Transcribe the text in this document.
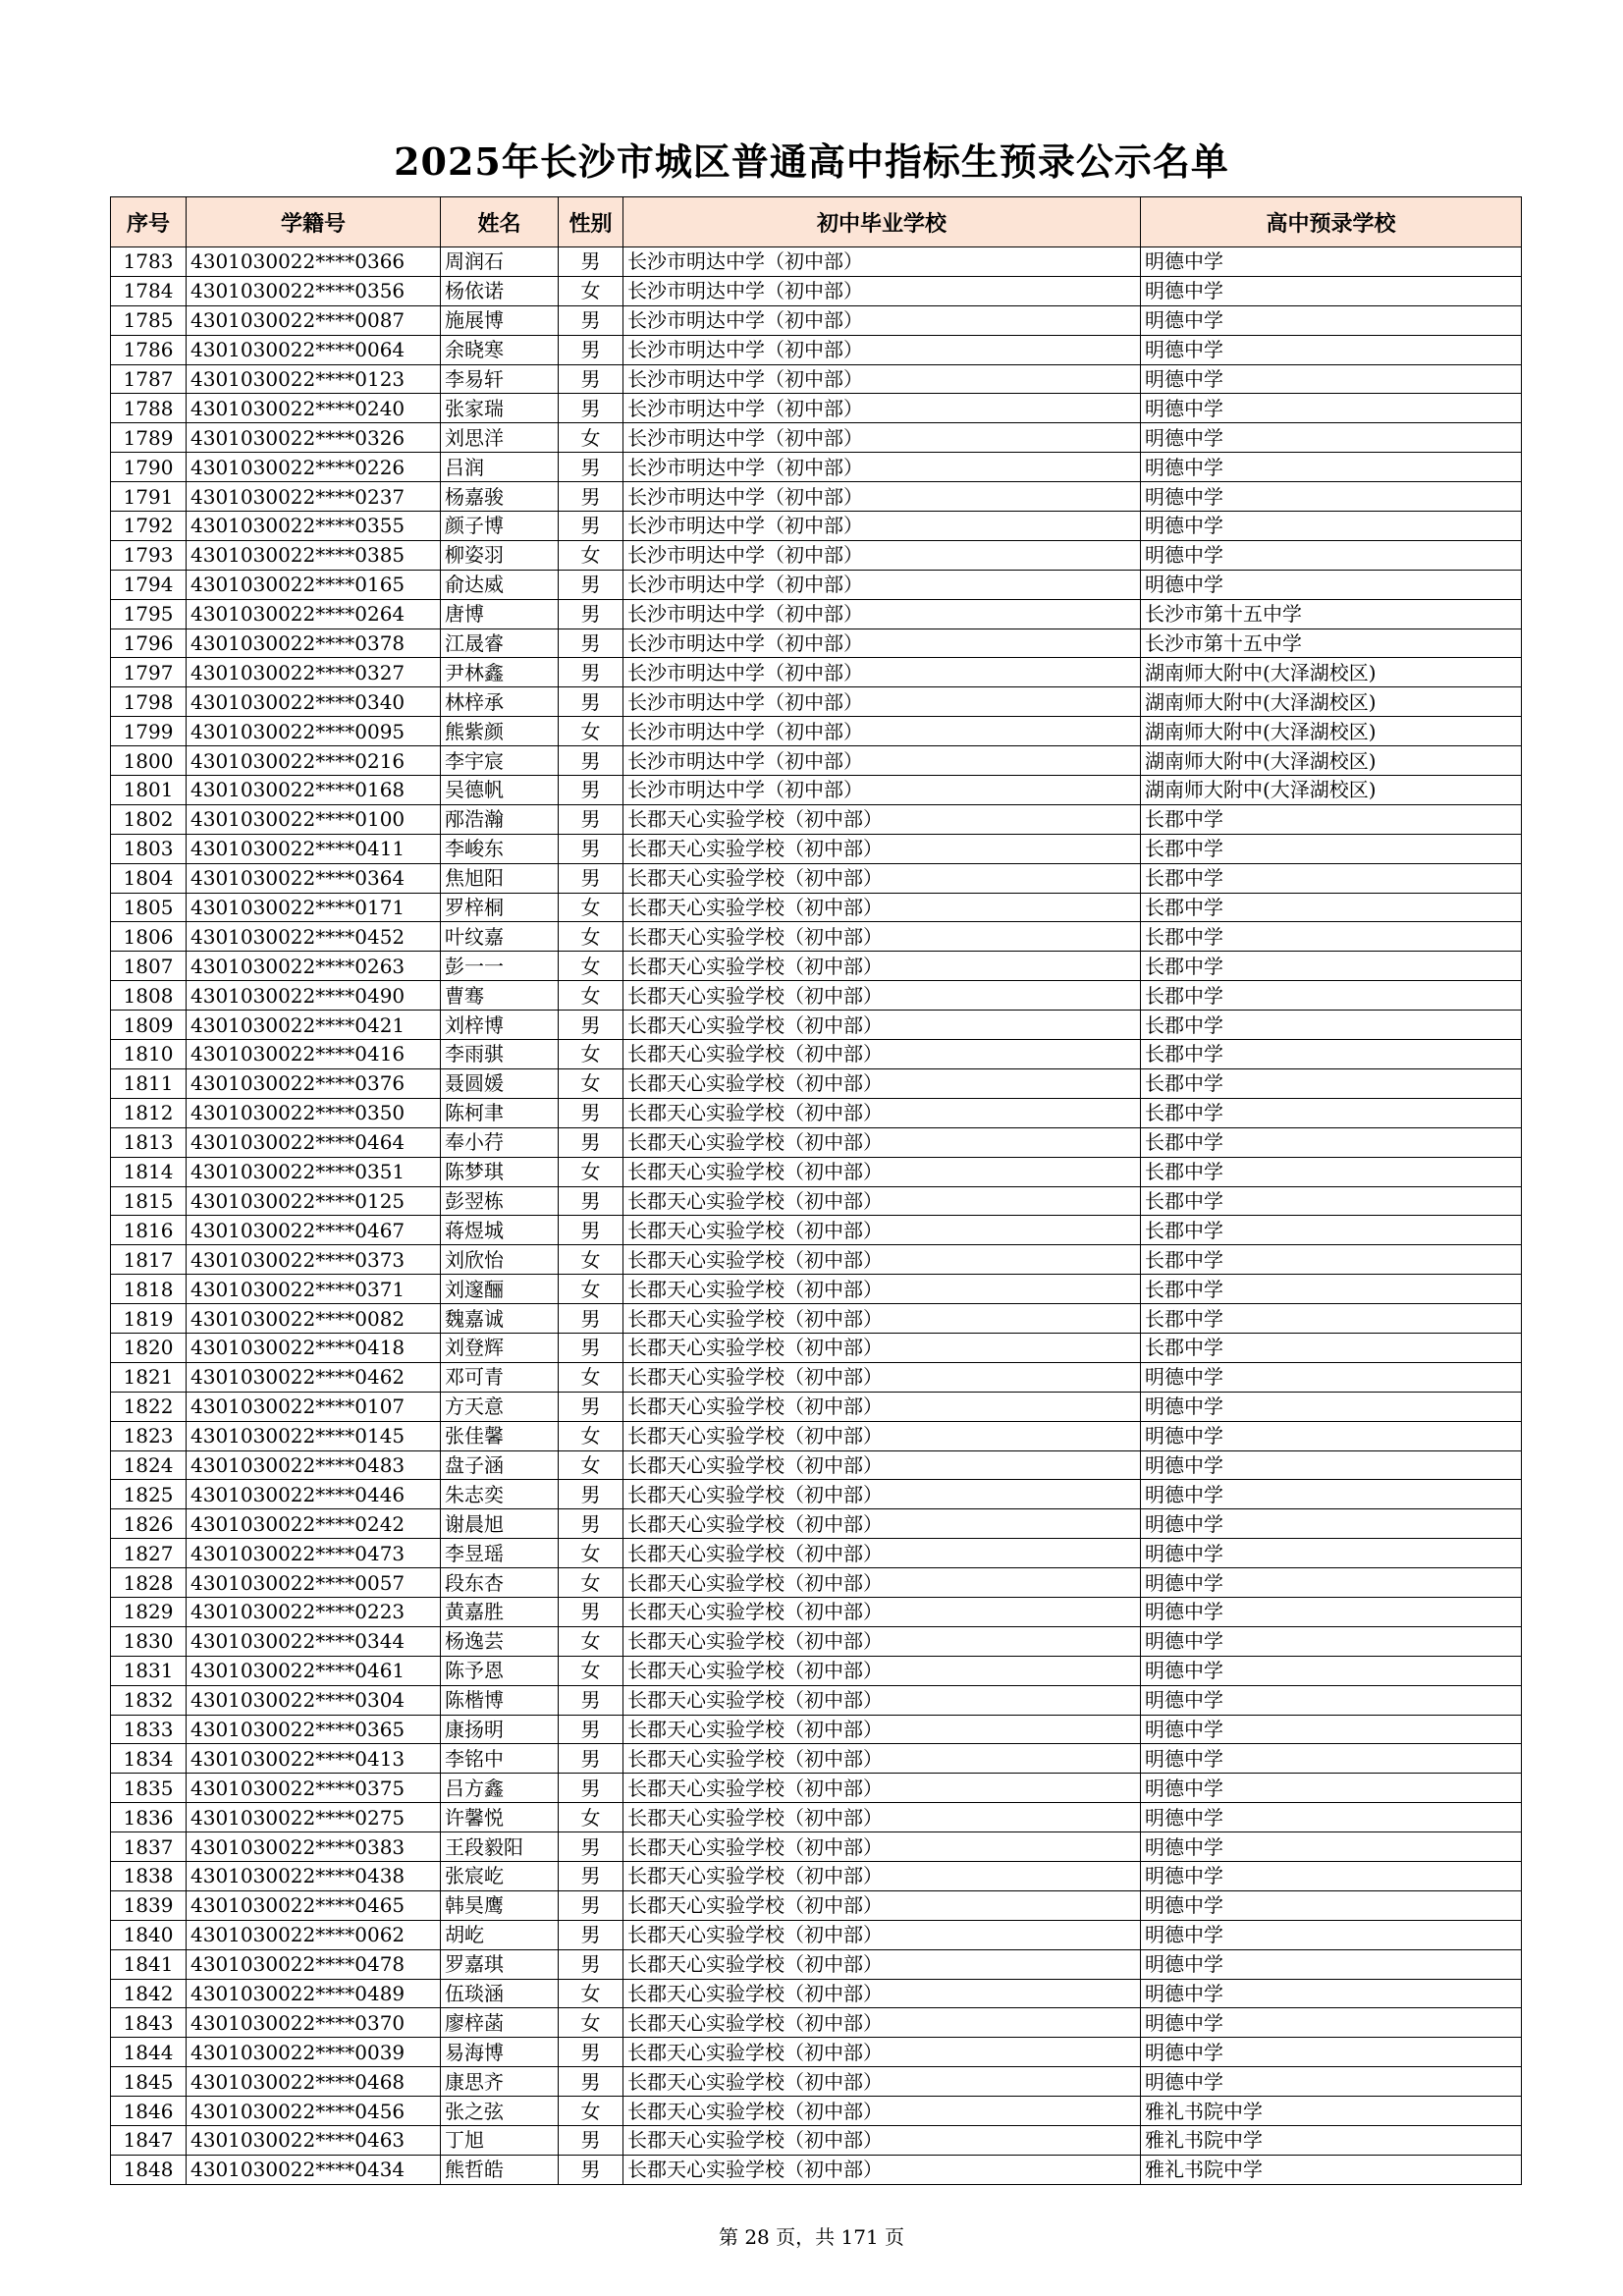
2025年长沙市城区普通高中指标生预录公示名单
序号	学籍号	姓名	性别	初中毕业学校	高中预录学校
1783	4301030022****0366	周润石	男	长沙市明达中学（初中部）	明德中学
1784	4301030022****0356	杨依诺	女	长沙市明达中学（初中部）	明德中学
1785	4301030022****0087	施展博	男	长沙市明达中学（初中部）	明德中学
1786	4301030022****0064	余晓寒	男	长沙市明达中学（初中部）	明德中学
1787	4301030022****0123	李易轩	男	长沙市明达中学（初中部）	明德中学
1788	4301030022****0240	张家瑞	男	长沙市明达中学（初中部）	明德中学
1789	4301030022****0326	刘思洋	女	长沙市明达中学（初中部）	明德中学
1790	4301030022****0226	吕润	男	长沙市明达中学（初中部）	明德中学
1791	4301030022****0237	杨嘉骏	男	长沙市明达中学（初中部）	明德中学
1792	4301030022****0355	颜子博	男	长沙市明达中学（初中部）	明德中学
1793	4301030022****0385	柳姿羽	女	长沙市明达中学（初中部）	明德中学
1794	4301030022****0165	俞达威	男	长沙市明达中学（初中部）	明德中学
1795	4301030022****0264	唐博	男	长沙市明达中学（初中部）	长沙市第十五中学
1796	4301030022****0378	江晟睿	男	长沙市明达中学（初中部）	长沙市第十五中学
1797	4301030022****0327	尹林鑫	男	长沙市明达中学（初中部）	湖南师大附中(大泽湖校区)
1798	4301030022****0340	林梓承	男	长沙市明达中学（初中部）	湖南师大附中(大泽湖校区)
1799	4301030022****0095	熊紫颜	女	长沙市明达中学（初中部）	湖南师大附中(大泽湖校区)
1800	4301030022****0216	李宇宸	男	长沙市明达中学（初中部）	湖南师大附中(大泽湖校区)
1801	4301030022****0168	吴德帆	男	长沙市明达中学（初中部）	湖南师大附中(大泽湖校区)
1802	4301030022****0100	邴浩瀚	男	长郡天心实验学校（初中部）	长郡中学
1803	4301030022****0411	李峻东	男	长郡天心实验学校（初中部）	长郡中学
1804	4301030022****0364	焦旭阳	男	长郡天心实验学校（初中部）	长郡中学
1805	4301030022****0171	罗梓桐	女	长郡天心实验学校（初中部）	长郡中学
1806	4301030022****0452	叶纹嘉	女	长郡天心实验学校（初中部）	长郡中学
1807	4301030022****0263	彭一一	女	长郡天心实验学校（初中部）	长郡中学
1808	4301030022****0490	曹骞	女	长郡天心实验学校（初中部）	长郡中学
1809	4301030022****0421	刘梓博	男	长郡天心实验学校（初中部）	长郡中学
1810	4301030022****0416	李雨骐	女	长郡天心实验学校（初中部）	长郡中学
1811	4301030022****0376	聂圆媛	女	长郡天心实验学校（初中部）	长郡中学
1812	4301030022****0350	陈柯聿	男	长郡天心实验学校（初中部）	长郡中学
1813	4301030022****0464	奉小荇	男	长郡天心实验学校（初中部）	长郡中学
1814	4301030022****0351	陈梦琪	女	长郡天心实验学校（初中部）	长郡中学
1815	4301030022****0125	彭翌栋	男	长郡天心实验学校（初中部）	长郡中学
1816	4301030022****0467	蒋煜城	男	长郡天心实验学校（初中部）	长郡中学
1817	4301030022****0373	刘欣怡	女	长郡天心实验学校（初中部）	长郡中学
1818	4301030022****0371	刘邃酾	女	长郡天心实验学校（初中部）	长郡中学
1819	4301030022****0082	魏嘉诚	男	长郡天心实验学校（初中部）	长郡中学
1820	4301030022****0418	刘登辉	男	长郡天心实验学校（初中部）	长郡中学
1821	4301030022****0462	邓可青	女	长郡天心实验学校（初中部）	明德中学
1822	4301030022****0107	方天意	男	长郡天心实验学校（初中部）	明德中学
1823	4301030022****0145	张佳馨	女	长郡天心实验学校（初中部）	明德中学
1824	4301030022****0483	盘子涵	女	长郡天心实验学校（初中部）	明德中学
1825	4301030022****0446	朱志奕	男	长郡天心实验学校（初中部）	明德中学
1826	4301030022****0242	谢晨旭	男	长郡天心实验学校（初中部）	明德中学
1827	4301030022****0473	李昱瑶	女	长郡天心实验学校（初中部）	明德中学
1828	4301030022****0057	段东杏	女	长郡天心实验学校（初中部）	明德中学
1829	4301030022****0223	黄嘉胜	男	长郡天心实验学校（初中部）	明德中学
1830	4301030022****0344	杨逸芸	女	长郡天心实验学校（初中部）	明德中学
1831	4301030022****0461	陈予恩	女	长郡天心实验学校（初中部）	明德中学
1832	4301030022****0304	陈楷博	男	长郡天心实验学校（初中部）	明德中学
1833	4301030022****0365	康扬明	男	长郡天心实验学校（初中部）	明德中学
1834	4301030022****0413	李铭中	男	长郡天心实验学校（初中部）	明德中学
1835	4301030022****0375	吕方鑫	男	长郡天心实验学校（初中部）	明德中学
1836	4301030022****0275	许馨悦	女	长郡天心实验学校（初中部）	明德中学
1837	4301030022****0383	王段毅阳	男	长郡天心实验学校（初中部）	明德中学
1838	4301030022****0438	张宸屹	男	长郡天心实验学校（初中部）	明德中学
1839	4301030022****0465	韩昊鹰	男	长郡天心实验学校（初中部）	明德中学
1840	4301030022****0062	胡屹	男	长郡天心实验学校（初中部）	明德中学
1841	4301030022****0478	罗嘉琪	男	长郡天心实验学校（初中部）	明德中学
1842	4301030022****0489	伍琰涵	女	长郡天心实验学校（初中部）	明德中学
1843	4301030022****0370	廖梓菡	女	长郡天心实验学校（初中部）	明德中学
1844	4301030022****0039	易海博	男	长郡天心实验学校（初中部）	明德中学
1845	4301030022****0468	康思齐	男	长郡天心实验学校（初中部）	明德中学
1846	4301030022****0456	张之弦	女	长郡天心实验学校（初中部）	雅礼书院中学
1847	4301030022****0463	丁旭	男	长郡天心实验学校（初中部）	雅礼书院中学
1848	4301030022****0434	熊哲皓	男	长郡天心实验学校（初中部）	雅礼书院中学
第 28 页，共 171 页
